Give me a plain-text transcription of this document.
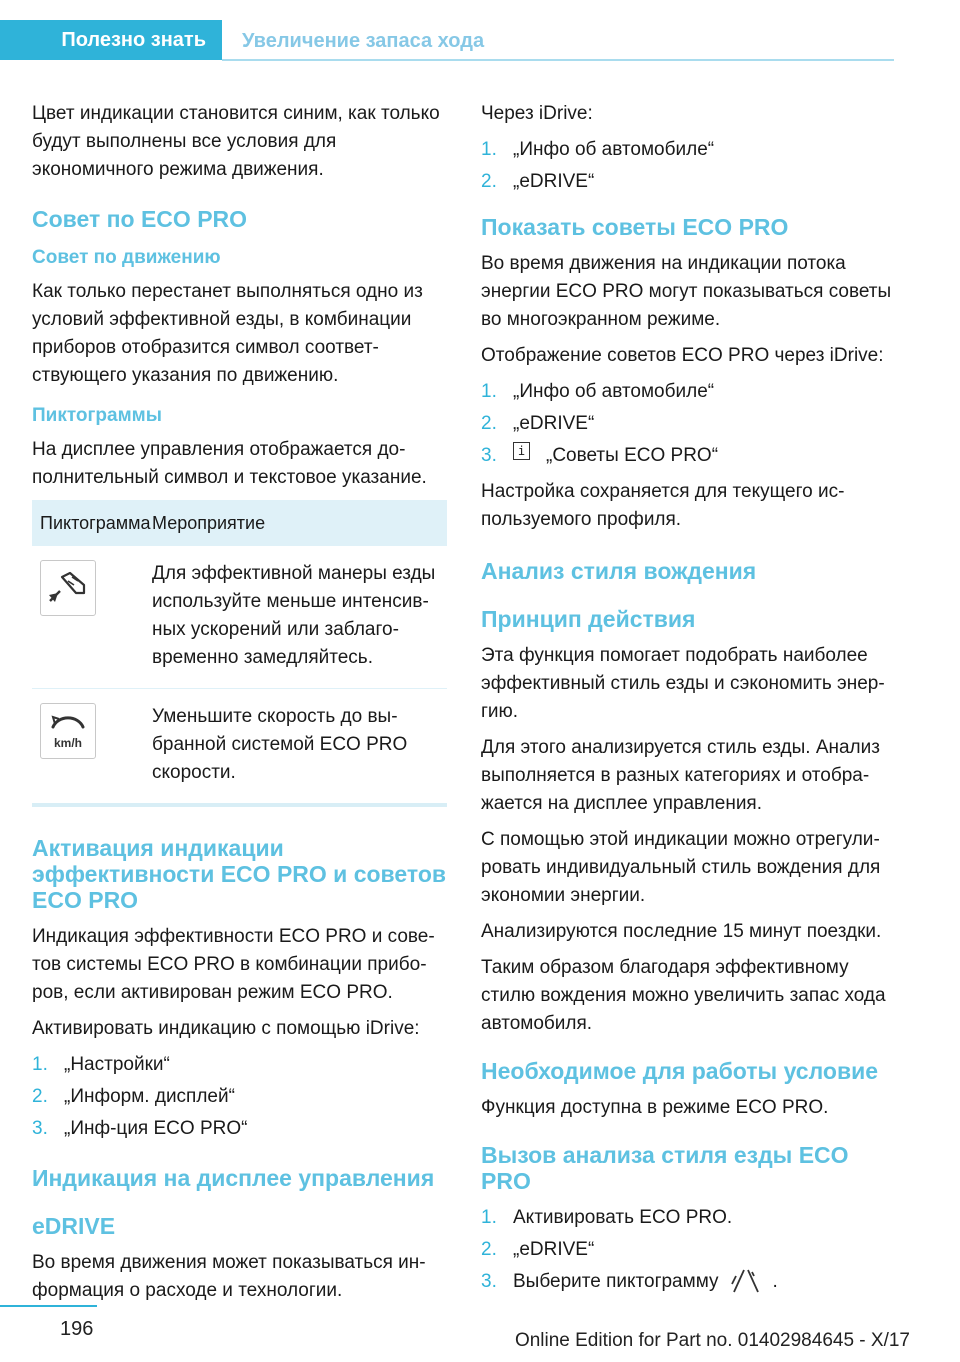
Полезно знать Увеличение запаса хода

Цвет индикации становится синим, как только будут выполнены все условия для экономичного режима движения.

Совет по ECO PRO
Совет по движению

Как только перестанет выполняться одно из условий эффективной езды, в комбинации приборов отобразится символ соответствующего указания по движению.

Пиктограммы

На дисплее управления отображается дополнительный символ и текстовое указание.

Пиктограмма Мероприятие
Для эффективной манеры езды используйте меньше интенсивных ускорений или заблаговременно замедляйтесь.
km/h
Уменьшите скорость до выбранной системой ECO PRO скорости.
Активация индикации эффективности ECO PRO и советов ECO PRO

Индикация эффективности ECO PRO и советов системы ECO PRO в комбинации приборов, если активирован режим ECO PRO.

Активировать индикацию с помощью iDrive:

1. „Настройки“
2. „Информ. дисплей“
3. „Инф-ция ECO PRO“
Индикация на дисплее управления
eDRIVE

Во время движения может показываться информация о расходе и технологии.

Через iDrive:

1. „Инфо об автомобиле“
2. „eDRIVE“
Показать советы ECO PRO

Во время движения на индикации потока энергии ECO PRO могут показываться советы во многоэкранном режиме.

Отображение советов ECO PRO через iDrive:

1. „Инфо об автомобиле“
2. „eDRIVE“
3.	i „Советы ECO PRO“

Настройка сохраняется для текущего используемого профиля.

Анализ стиля вождения
Принцип действия

Эта функция помогает подобрать наиболее эффективный стиль езды и сэкономить энергию.

Для этого анализируется стиль езды. Анализ выполняется в разных категориях и отображается на дисплее управления.

С помощью этой индикации можно отрегулировать индивидуальный стиль вождения для экономии энергии.

Анализируются последние 15 минут поездки.

Таким образом благодаря эффективному стилю вождения можно увеличить запас хода автомобиля.

Необходимое для работы условие

Функция доступна в режиме ECO PRO.

Вызов анализа стиля езды ECO PRO
1. Активировать ECO PRO.
2. „eDRIVE“
3. Выберите пиктограмму	.
196
Online Edition for Part no. 01402984645 - X/17
